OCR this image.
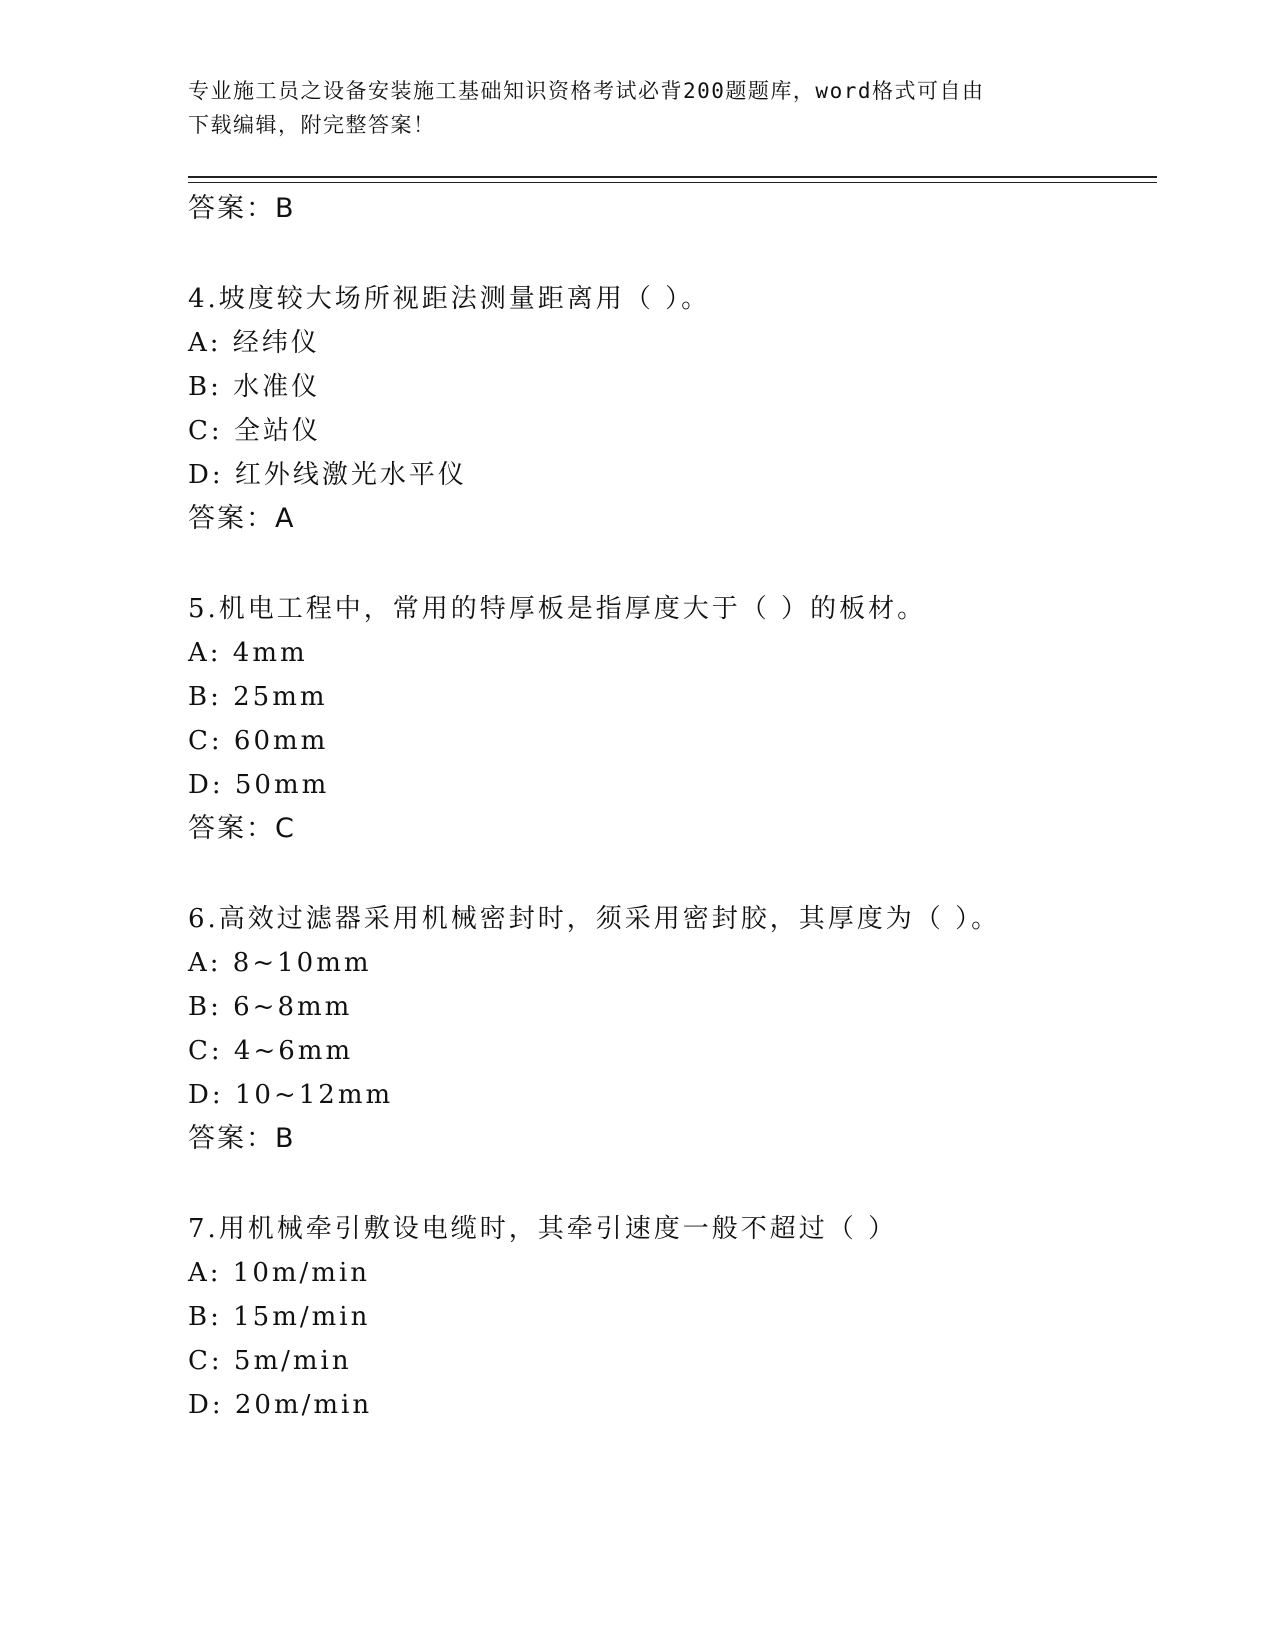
专业施工员之设备安装施工基础知识资格考试必背200题题库，word格式可自由
下载编辑，附完整答案！
答案：B
4.坡度较大场所视距法测量距离用（ ）。
A: 经纬仪
B: 水准仪
C: 全站仪
D: 红外线激光水平仪
答案：A
5.机电工程中，常用的特厚板是指厚度大于（ ）的板材。
A: 4mm
B: 25mm
C: 60mm
D: 50mm
答案：C
6.高效过滤器采用机械密封时，须采用密封胶，其厚度为（ ）。
A: 8~10mm
B: 6~8mm
C: 4~6mm
D: 10~12mm
答案：B
7.用机械牵引敷设电缆时，其牵引速度一般不超过（ ）
A: 10m/min
B: 15m/min
C: 5m/min
D: 20m/min
